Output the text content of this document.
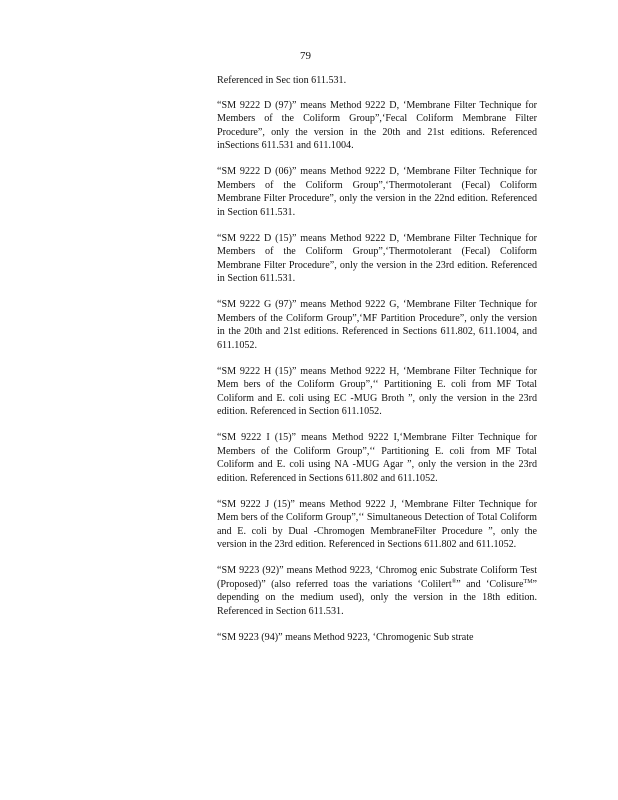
79

Referenced in Sec tion 611.531.

“SM 9222 D (97)” means Method 9222 D, ‘Membrane Filter Technique for Members of the Coliform Group”,‘Fecal Coliform Membrane Filter Procedure”, only the version in the 20th and 21st editions. Referenced inSections 611.531 and 611.1004.

“SM 9222 D (06)” means Method 9222 D, ‘Membrane Filter Technique for Members of the Coliform Group”,‘Thermotolerant (Fecal) Coliform Membrane Filter Procedure”, only the version in the 22nd edition. Referenced in Section 611.531.

“SM 9222 D (15)” means Method 9222 D, ‘Membrane Filter Technique for Members of the Coliform Group”,‘Thermotolerant (Fecal) Coliform Membrane Filter Procedure”, only the version in the 23rd edition. Referenced in Section 611.531.

“SM 9222 G (97)” means Method 9222 G, ‘Membrane Filter Technique for Members of the Coliform Group”,‘MF Partition Procedure”, only the version in the 20th and 21st editions. Referenced in Sections 611.802, 611.1004, and 611.1052.

“SM 9222 H (15)” means Method 9222 H, ‘Membrane Filter Technique for Mem bers of the Coliform Group”,‘‘ Partitioning E. coli from MF Total Coliform and E. coli using EC -MUG Broth ”, only the version in the 23rd edition. Referenced in Section 611.1052.

“SM 9222 I (15)” means Method 9222 I,‘Membrane Filter Technique for Members of the Coliform Group”,‘‘ Partitioning E. coli from MF Total Coliform and E. coli using NA -MUG Agar ”, only the version in the 23rd edition. Referenced in Sections 611.802 and 611.1052.

“SM 9222 J (15)” means Method 9222 J, ‘Membrane Filter Technique for Mem bers of the Coliform Group”,‘‘ Simultaneous Detection of Total Coliform and E. coli by Dual -Chromogen MembraneFilter Procedure ”, only the version in the 23rd edition. Referenced in Sections 611.802 and 611.1052.

“SM 9223 (92)” means Method 9223, ‘Chromog enic Substrate Coliform Test (Proposed)” (also referred toas the variations ‘Colilert®” and ‘Colisure™” depending on the medium used), only the version in the 18th edition. Referenced in Section 611.531.

“SM 9223 (94)” means Method 9223, ‘Chromogenic Sub strate
